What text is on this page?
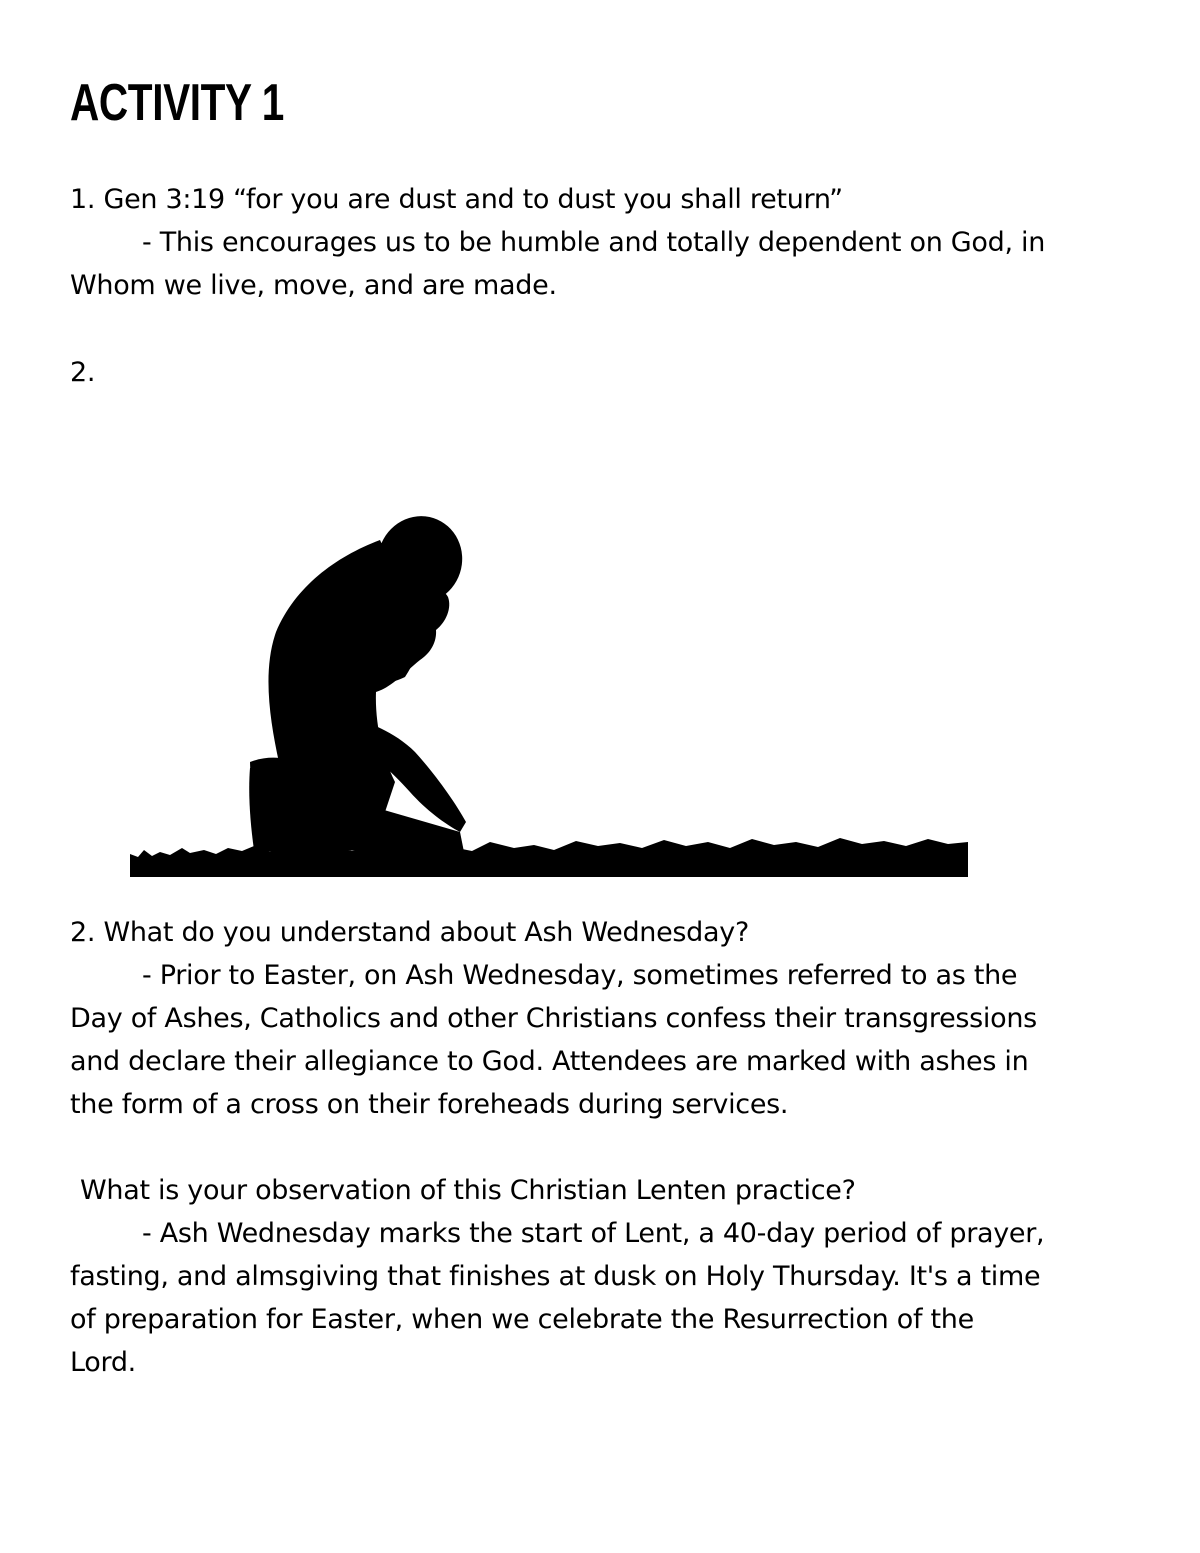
ACTIVITY 1

1. Gen 3:19 “for you are dust and to dust you shall return”

- This encourages us to be humble and totally dependent on God, in

Whom we live, move, and are made.

2.

2. What do you understand about Ash Wednesday?

- Prior to Easter, on Ash Wednesday, sometimes referred to as the

Day of Ashes, Catholics and other Christians confess their transgressions

and declare their allegiance to God. Attendees are marked with ashes in

the form of a cross on their foreheads during services.

What is your observation of this Christian Lenten practice?

- Ash Wednesday marks the start of Lent, a 40-day period of prayer,

fasting, and almsgiving that finishes at dusk on Holy Thursday. It's a time

of preparation for Easter, when we celebrate the Resurrection of the

Lord.
